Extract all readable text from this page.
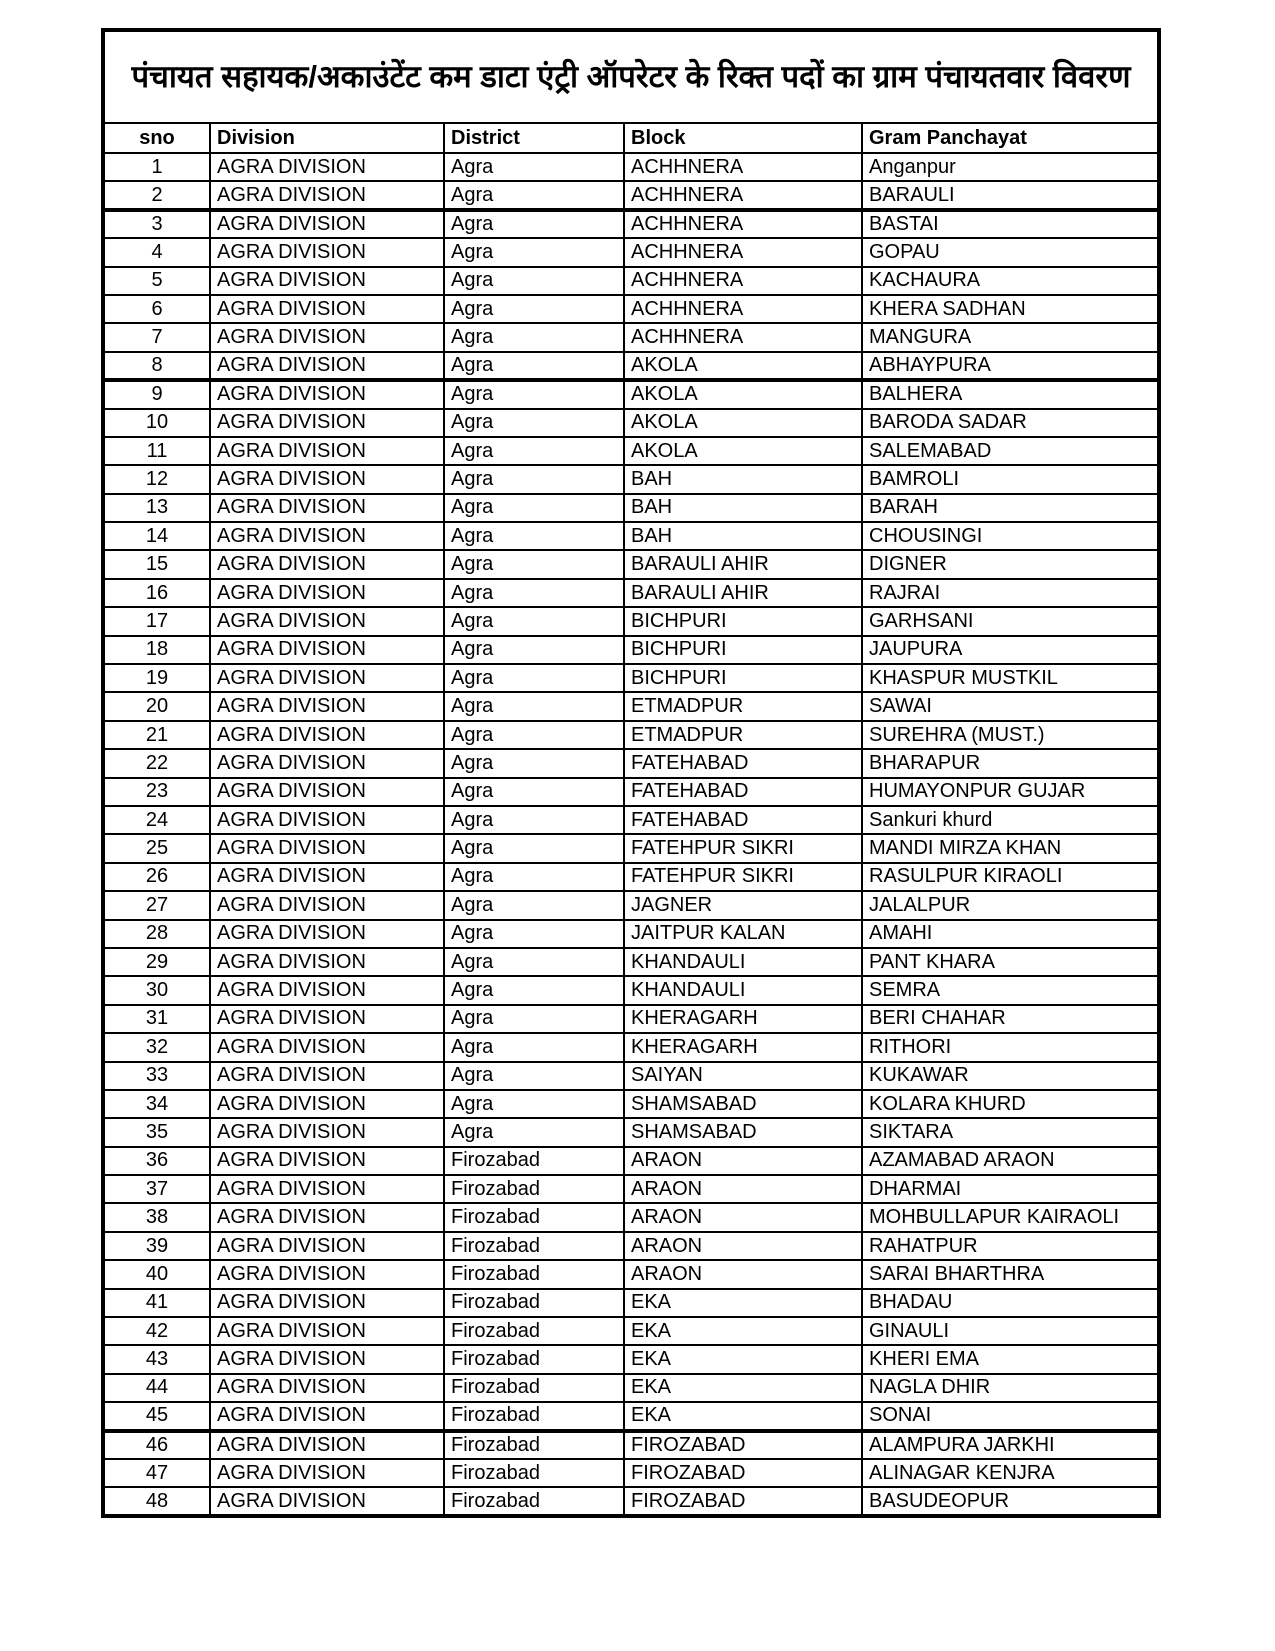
पंचायत सहायक/अकाउंटेंट कम डाटा एंट्री ऑपरेटर के रिक्त पदों का ग्राम पंचायतवार विवरण				
sno	Division	District	Block	Gram Panchayat
1	AGRA DIVISION	Agra	ACHHNERA	Anganpur
2	AGRA DIVISION	Agra	ACHHNERA	BARAULI
3	AGRA DIVISION	Agra	ACHHNERA	BASTAI
4	AGRA DIVISION	Agra	ACHHNERA	GOPAU
5	AGRA DIVISION	Agra	ACHHNERA	KACHAURA
6	AGRA DIVISION	Agra	ACHHNERA	KHERA SADHAN
7	AGRA DIVISION	Agra	ACHHNERA	MANGURA
8	AGRA DIVISION	Agra	AKOLA	ABHAYPURA
9	AGRA DIVISION	Agra	AKOLA	BALHERA
10	AGRA DIVISION	Agra	AKOLA	BARODA SADAR
11	AGRA DIVISION	Agra	AKOLA	SALEMABAD
12	AGRA DIVISION	Agra	BAH	BAMROLI
13	AGRA DIVISION	Agra	BAH	BARAH
14	AGRA DIVISION	Agra	BAH	CHOUSINGI
15	AGRA DIVISION	Agra	BARAULI AHIR	DIGNER
16	AGRA DIVISION	Agra	BARAULI AHIR	RAJRAI
17	AGRA DIVISION	Agra	BICHPURI	GARHSANI
18	AGRA DIVISION	Agra	BICHPURI	JAUPURA
19	AGRA DIVISION	Agra	BICHPURI	KHASPUR MUSTKIL
20	AGRA DIVISION	Agra	ETMADPUR	SAWAI
21	AGRA DIVISION	Agra	ETMADPUR	SUREHRA (MUST.)
22	AGRA DIVISION	Agra	FATEHABAD	BHARAPUR
23	AGRA DIVISION	Agra	FATEHABAD	HUMAYONPUR GUJAR
24	AGRA DIVISION	Agra	FATEHABAD	Sankuri khurd
25	AGRA DIVISION	Agra	FATEHPUR SIKRI	MANDI MIRZA KHAN
26	AGRA DIVISION	Agra	FATEHPUR SIKRI	RASULPUR KIRAOLI
27	AGRA DIVISION	Agra	JAGNER	JALALPUR
28	AGRA DIVISION	Agra	JAITPUR KALAN	AMAHI
29	AGRA DIVISION	Agra	KHANDAULI	PANT KHARA
30	AGRA DIVISION	Agra	KHANDAULI	SEMRA
31	AGRA DIVISION	Agra	KHERAGARH	BERI CHAHAR
32	AGRA DIVISION	Agra	KHERAGARH	RITHORI
33	AGRA DIVISION	Agra	SAIYAN	KUKAWAR
34	AGRA DIVISION	Agra	SHAMSABAD	KOLARA KHURD
35	AGRA DIVISION	Agra	SHAMSABAD	SIKTARA
36	AGRA DIVISION	Firozabad	ARAON	AZAMABAD ARAON
37	AGRA DIVISION	Firozabad	ARAON	DHARMAI
38	AGRA DIVISION	Firozabad	ARAON	MOHBULLAPUR KAIRAOLI
39	AGRA DIVISION	Firozabad	ARAON	RAHATPUR
40	AGRA DIVISION	Firozabad	ARAON	SARAI BHARTHRA
41	AGRA DIVISION	Firozabad	EKA	BHADAU
42	AGRA DIVISION	Firozabad	EKA	GINAULI
43	AGRA DIVISION	Firozabad	EKA	KHERI EMA
44	AGRA DIVISION	Firozabad	EKA	NAGLA DHIR
45	AGRA DIVISION	Firozabad	EKA	SONAI
46	AGRA DIVISION	Firozabad	FIROZABAD	ALAMPURA JARKHI
47	AGRA DIVISION	Firozabad	FIROZABAD	ALINAGAR KENJRA
48	AGRA DIVISION	Firozabad	FIROZABAD	BASUDEOPUR
